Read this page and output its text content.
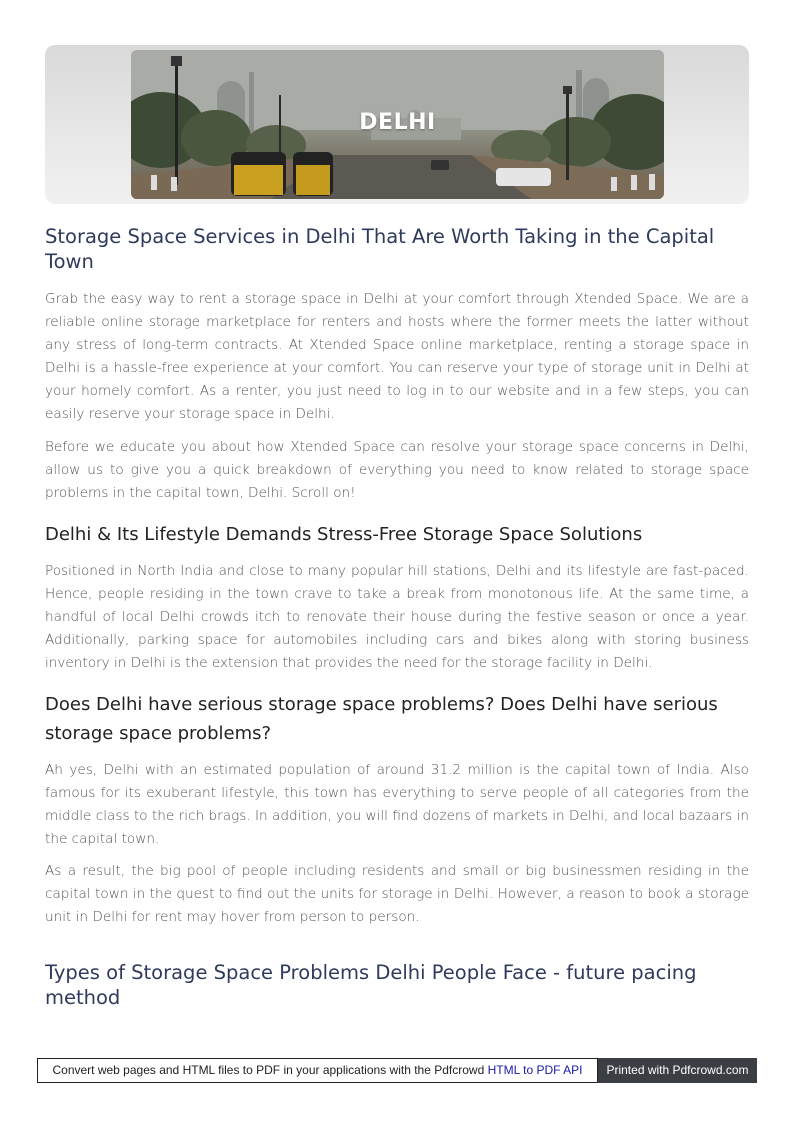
DELHI
Storage Space Services in Delhi That Are Worth Taking in the Capital Town

Grab the easy way to rent a storage space in Delhi at your comfort through Xtended Space. We are a reliable online storage marketplace for renters and hosts where the former meets the latter without any stress of long-term contracts. At Xtended Space online marketplace, renting a storage space in Delhi is a hassle-free experience at your comfort. You can reserve your type of storage unit in Delhi at your homely comfort. As a renter, you just need to log in to our website and in a few steps, you can easily reserve your storage space in Delhi.

Before we educate you about how Xtended Space can resolve your storage space concerns in Delhi, allow us to give you a quick breakdown of everything you need to know related to storage space problems in the capital town, Delhi. Scroll on!

Delhi & Its Lifestyle Demands Stress-Free Storage Space Solutions

Positioned in North India and close to many popular hill stations, Delhi and its lifestyle are fast-paced. Hence, people residing in the town crave to take a break from monotonous life. At the same time, a handful of local Delhi crowds itch to renovate their house during the festive season or once a year. Additionally, parking space for automobiles including cars and bikes along with storing business inventory in Delhi is the extension that provides the need for the storage facility in Delhi.

Does Delhi have serious storage space problems? Does Delhi have serious storage space problems?

Ah yes, Delhi with an estimated population of around 31.2 million is the capital town of India. Also famous for its exuberant lifestyle, this town has everything to serve people of all categories from the middle class to the rich brags. In addition, you will find dozens of markets in Delhi, and local bazaars in the capital town.

As a result, the big pool of people including residents and small or big businessmen residing in the capital town in the quest to find out the units for storage in Delhi. However, a reason to book a storage unit in Delhi for rent may hover from person to person.

Types of Storage Space Problems Delhi People Face - future pacing method
Convert web pages and HTML files to PDF in your applications with the Pdfcrowd HTML to PDF API	Printed with Pdfcrowd.com
